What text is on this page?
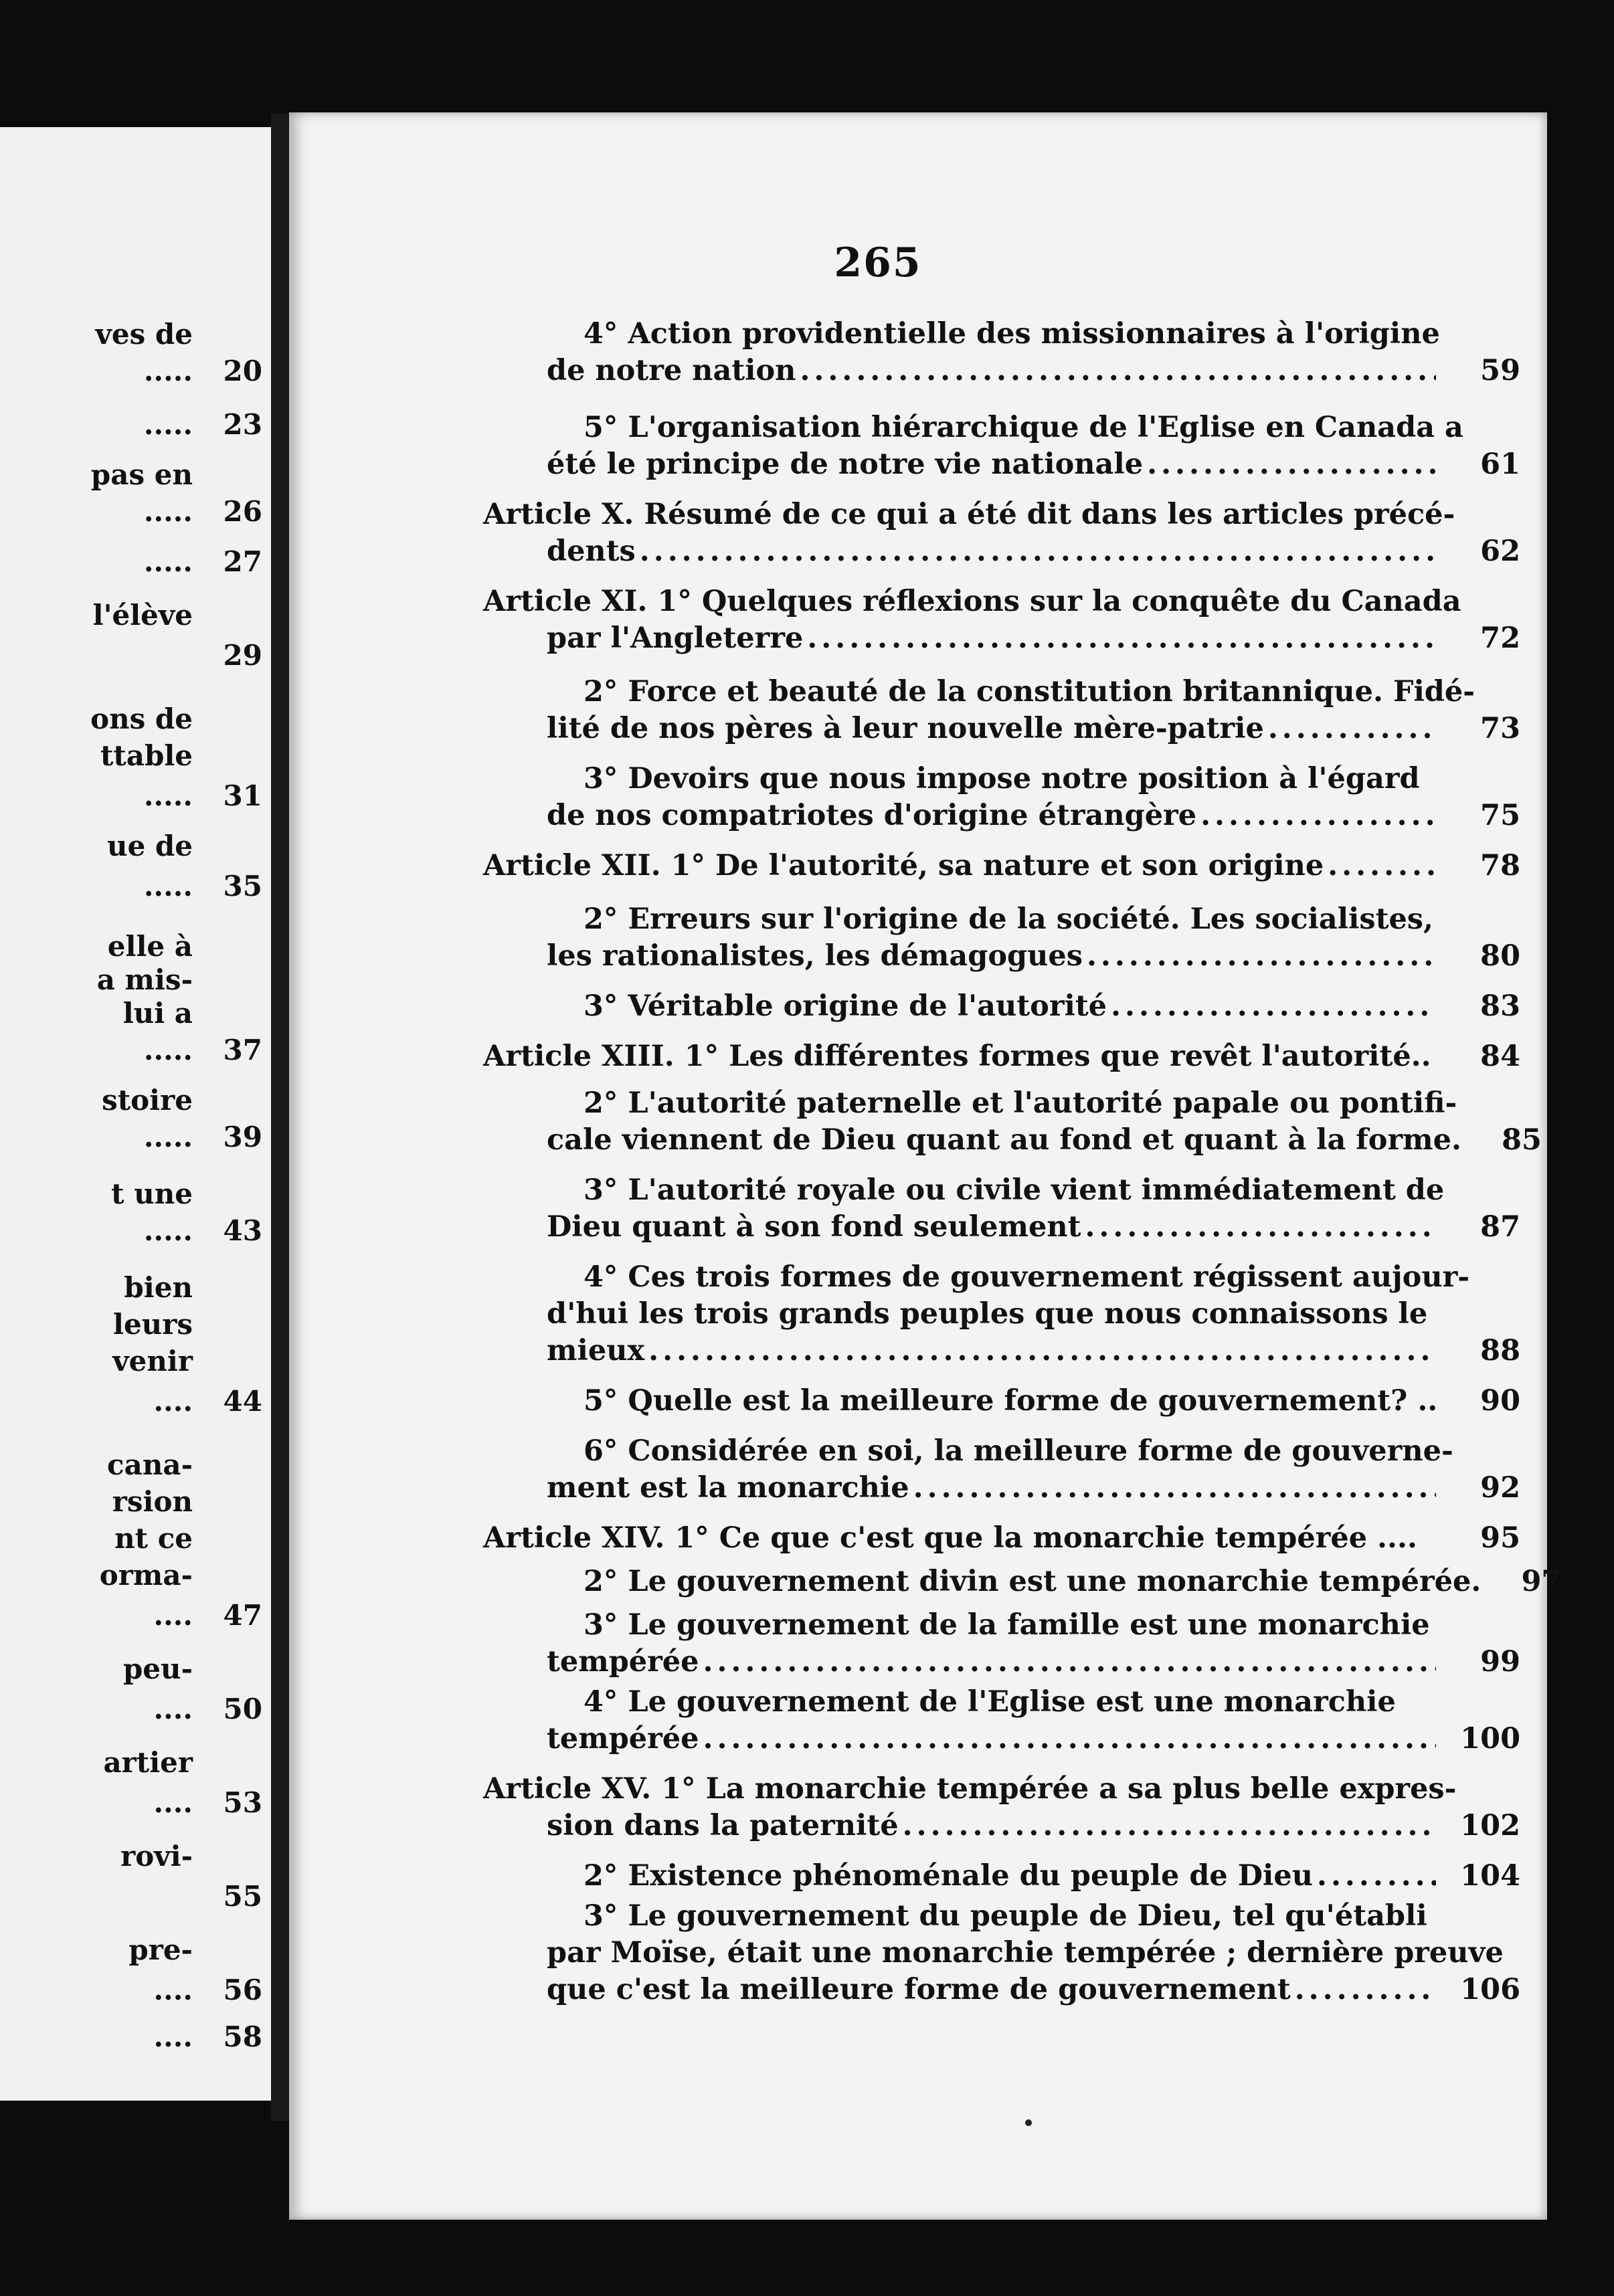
ves de
.....	20
.....	23
pas en
.....	26
.....	27
l'élève
29
ons de
ttable
.....	31
ue de
.....	35
elle à
a mis-
lui a
.....	37
stoire
.....	39
t une
.....	43
bien
leurs
venir
....	44
cana-
rsion
nt ce
orma-
....	47
peu-
....	50
artier
....	53
rovi-
55
pre-
....	56
....	58
265
4° Action providentielle des missionnaires à l'origine
de notre nation .....	59
5° L'organisation hiérarchique de l'Eglise en Canada a
été le principe de notre vie nationale .....	61
Article X. Résumé de ce qui a été dit dans les articles précé-
dents .....	62
Article XI. 1° Quelques réflexions sur la conquête du Canada
par l'Angleterre .....	72
2° Force et beauté de la constitution britannique. Fidé-
lité de nos pères à leur nouvelle mère-patrie .....	73
3° Devoirs que nous impose notre position à l'égard
de nos compatriotes d'origine étrangère .....	75
Article XII. 1° De l'autorité, sa nature et son origine .....	78
2° Erreurs sur l'origine de la société. Les socialistes,
les rationalistes, les démagogues .....	80
3° Véritable origine de l'autorité .....	83
Article XIII. 1° Les différentes formes que revêt l'autorité..	84
2° L'autorité paternelle et l'autorité papale ou pontifi-
cale viennent de Dieu quant au fond et quant à la forme.	85
3° L'autorité royale ou civile vient immédiatement de
Dieu quant à son fond seulement .....	87
4° Ces trois formes de gouvernement régissent aujour-
d'hui les trois grands peuples que nous connaissons le
mieux .....	88
5° Quelle est la meilleure forme de gouvernement? ..	90
6° Considérée en soi, la meilleure forme de gouverne-
ment est la monarchie .....	92
Article XIV. 1° Ce que c'est que la monarchie tempérée ....	95
2° Le gouvernement divin est une monarchie tempérée.	97
3° Le gouvernement de la famille est une monarchie
tempérée .....	99
4° Le gouvernement de l'Eglise est une monarchie
tempérée .....	100
Article XV. 1° La monarchie tempérée a sa plus belle expres-
sion dans la paternité .....	102
2° Existence phénoménale du peuple de Dieu .....	104
3° Le gouvernement du peuple de Dieu, tel qu'établi
par Moïse, était une monarchie tempérée ; dernière preuve
que c'est la meilleure forme de gouvernement .....	106
